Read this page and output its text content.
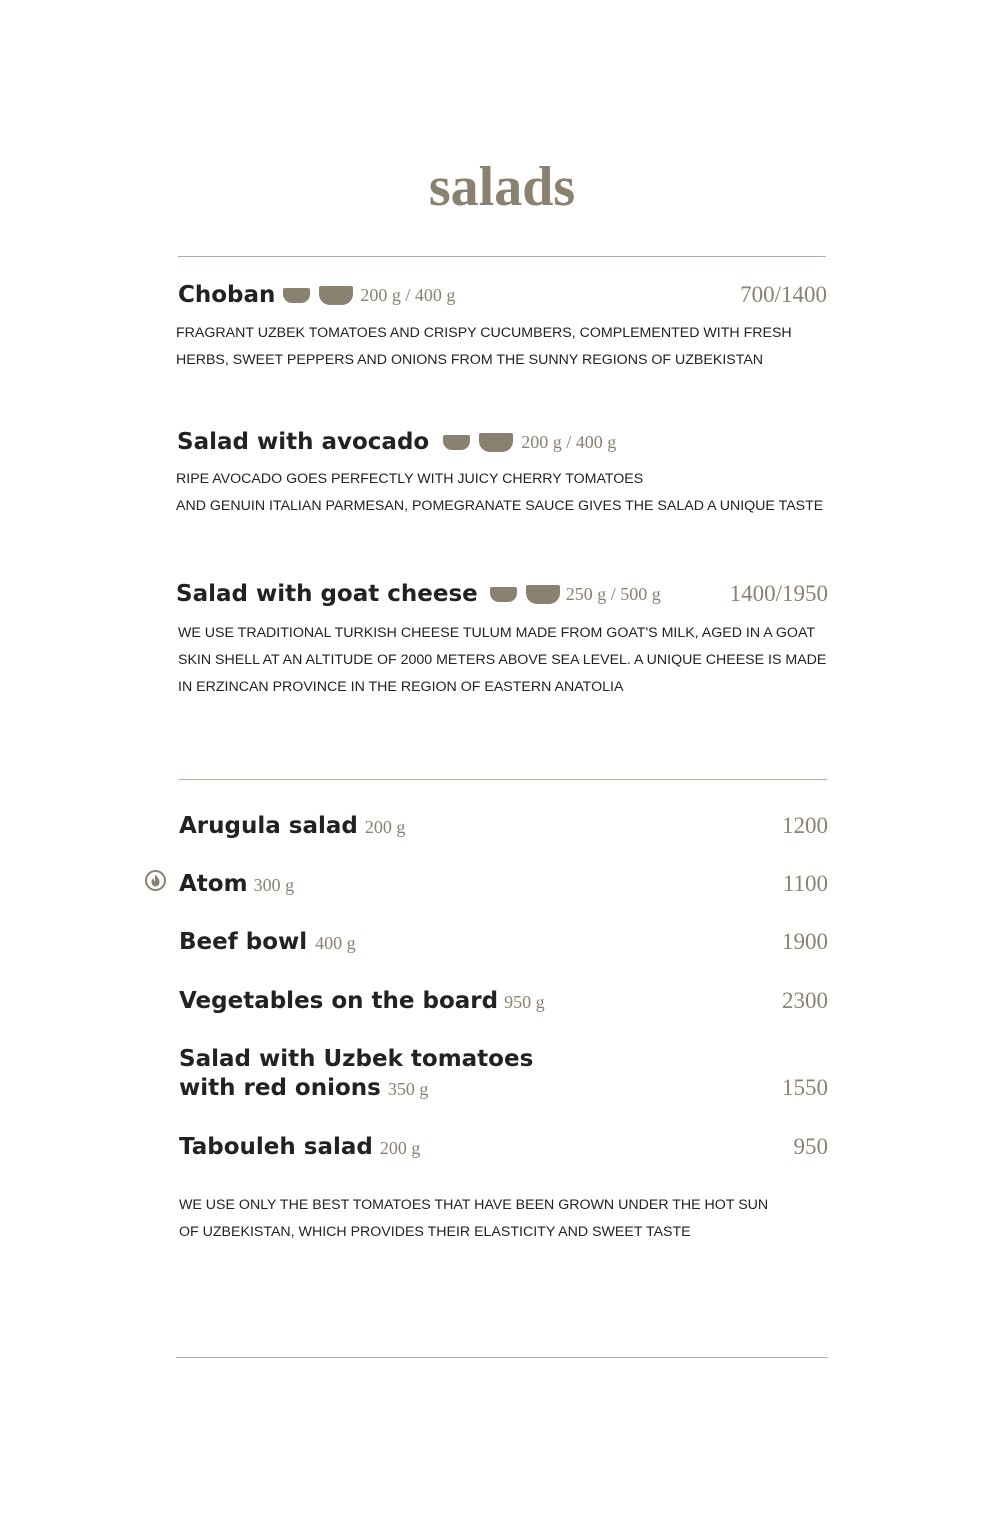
salads
Choban	200 g / 400 g	700/1400
FRAGRANT UZBEK TOMATOES AND CRISPY CUCUMBERS, COMPLEMENTED WITH FRESH
HERBS, SWEET PEPPERS AND ONIONS FROM THE SUNNY REGIONS OF UZBEKISTAN
Salad with avocado	200 g / 400 g
RIPE AVOCADO GOES PERFECTLY WITH JUICY CHERRY TOMATOES
AND GENUIN ITALIAN PARMESAN, POMEGRANATE SAUCE GIVES THE SALAD A UNIQUE TASTE
Salad with goat cheese	250 g / 500 g	1400/1950
WE USE TRADITIONAL TURKISH CHEESE TULUM MADE FROM GOAT'S MILK, AGED IN A GOAT
SKIN SHELL AT AN ALTITUDE OF 2000 METERS ABOVE SEA LEVEL. A UNIQUE CHEESE IS MADE
IN ERZINCAN PROVINCE IN THE REGION OF EASTERN ANATOLIA
Arugula salad 200 g	1200
Atom 300 g	1100
Beef bowl 400 g	1900
Vegetables on the board 950 g	2300
Salad with Uzbek tomatoes
with red onions 350 g	1550
Tabouleh salad 200 g	950
WE USE ONLY THE BEST TOMATOES THAT HAVE BEEN GROWN UNDER THE HOT SUN
OF UZBEKISTAN, WHICH PROVIDES THEIR ELASTICITY AND SWEET TASTE
